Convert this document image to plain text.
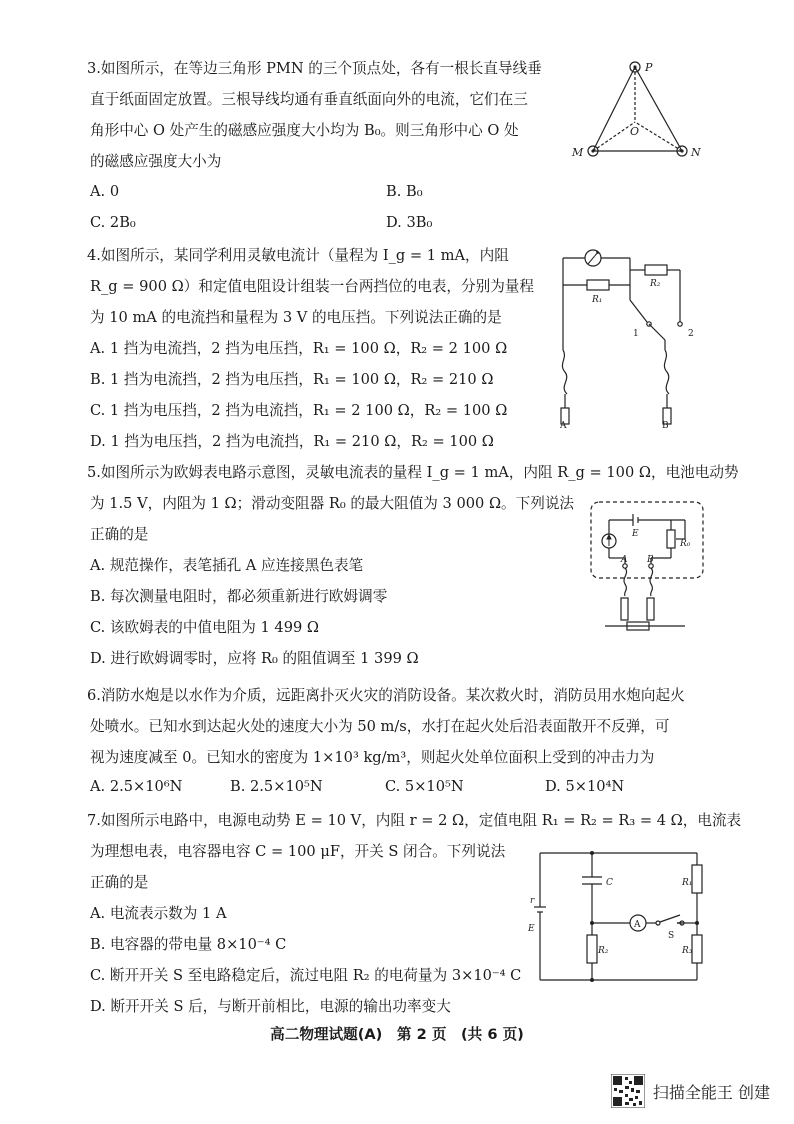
3.如图所示，在等边三角形 PMN 的三个顶点处，各有一根长直导线垂
直于纸面固定放置。三根导线均通有垂直纸面向外的电流，它们在三
角形中心 O 处产生的磁感应强度大小均为 B₀。则三角形中心 O 处
的磁感应强度大小为
A. 0	B. B₀
C. 2B₀	D. 3B₀
P
M	N
O
4.如图所示，某同学利用灵敏电流计（量程为 I_g = 1 mA，内阻
R_g = 900 Ω）和定值电阻设计组装一台两挡位的电表，分别为量程
为 10 mA 的电流挡和量程为 3 V 的电压挡。下列说法正确的是
A. 1 挡为电流挡，2 挡为电压挡，R₁ = 100 Ω，R₂ = 2 100 Ω
B. 1 挡为电流挡，2 挡为电压挡，R₁ = 100 Ω，R₂ = 210 Ω
C. 1 挡为电压挡，2 挡为电流挡，R₁ = 2 100 Ω，R₂ = 100 Ω
D. 1 挡为电压挡，2 挡为电流挡，R₁ = 210 Ω，R₂ = 100 Ω
R₁
R₂
1	2
A	B
5.如图所示为欧姆表电路示意图，灵敏电流表的量程 I_g = 1 mA，内阻 R_g = 100 Ω，电池电动势
为 1.5 V，内阻为 1 Ω；滑动变阻器 R₀ 的最大阻值为 3 000 Ω。下列说法
正确的是
A. 规范操作，表笔插孔 A 应连接黑色表笔
B. 每次测量电阻时，都必须重新进行欧姆调零
C. 该欧姆表的中值电阻为 1 499 Ω
D. 进行欧姆调零时，应将 R₀ 的阻值调至 1 399 Ω
E
R₀
A B
6.消防水炮是以水作为介质，远距离扑灭火灾的消防设备。某次救火时，消防员用水炮向起火
处喷水。已知水到达起火处的速度大小为 50 m/s，水打在起火处后沿表面散开不反弹，可
视为速度减至 0。已知水的密度为 1×10³ kg/m³，则起火处单位面积上受到的冲击力为
A. 2.5×10⁶N	B. 2.5×10⁵N	C. 5×10⁵N	D. 5×10⁴N
7.如图所示电路中，电源电动势 E = 10 V，内阻 r = 2 Ω，定值电阻 R₁ = R₂ = R₃ = 4 Ω，电流表
为理想电表，电容器电容 C = 100 μF，开关 S 闭合。下列说法
正确的是
A. 电流表示数为 1 A
B. 电容器的带电量 8×10⁻⁴ C
C. 断开开关 S 至电路稳定后，流过电阻 R₂ 的电荷量为 3×10⁻⁴ C
D. 断开开关 S 后，与断开前相比，电源的输出功率变大
C	R₁
r
E	A
S
R₂	R₃
高二物理试题(A)　第 2 页　(共 6 页)
扫描全能王 创建
